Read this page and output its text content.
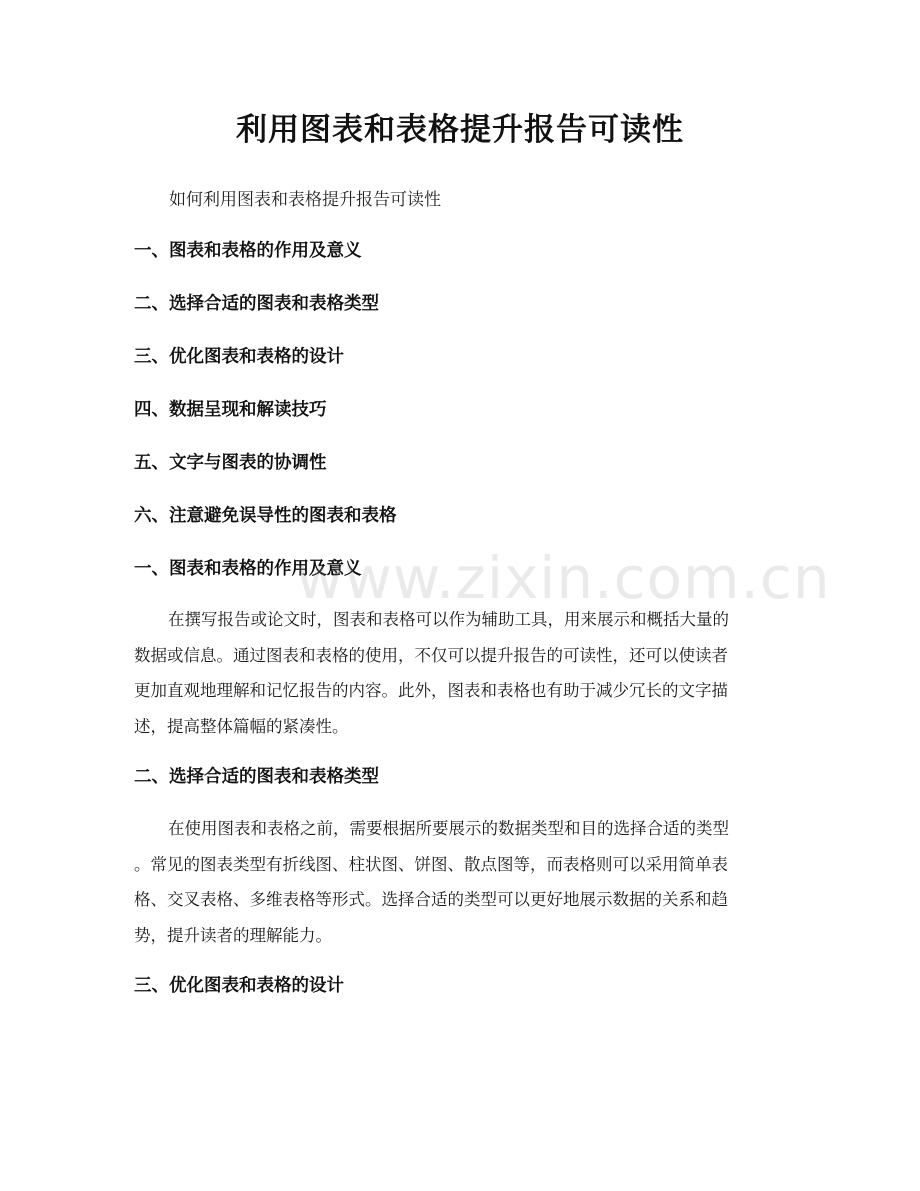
利用图表和表格提升报告可读性
如何利用图表和表格提升报告可读性
一、图表和表格的作用及意义
二、选择合适的图表和表格类型
三、优化图表和表格的设计
四、数据呈现和解读技巧
五、文字与图表的协调性
六、注意避免误导性的图表和表格
一、图表和表格的作用及意义
在撰写报告或论文时，图表和表格可以作为辅助工具，用来展示和概括大量的
数据或信息。通过图表和表格的使用，不仅可以提升报告的可读性，还可以使读者
更加直观地理解和记忆报告的内容。此外，图表和表格也有助于减少冗长的文字描
述，提高整体篇幅的紧凑性。
二、选择合适的图表和表格类型
在使用图表和表格之前，需要根据所要展示的数据类型和目的选择合适的类型
。常见的图表类型有折线图、柱状图、饼图、散点图等，而表格则可以采用简单表
格、交叉表格、多维表格等形式。选择合适的类型可以更好地展示数据的关系和趋
势，提升读者的理解能力。
三、优化图表和表格的设计
www.zixin.com.cn
